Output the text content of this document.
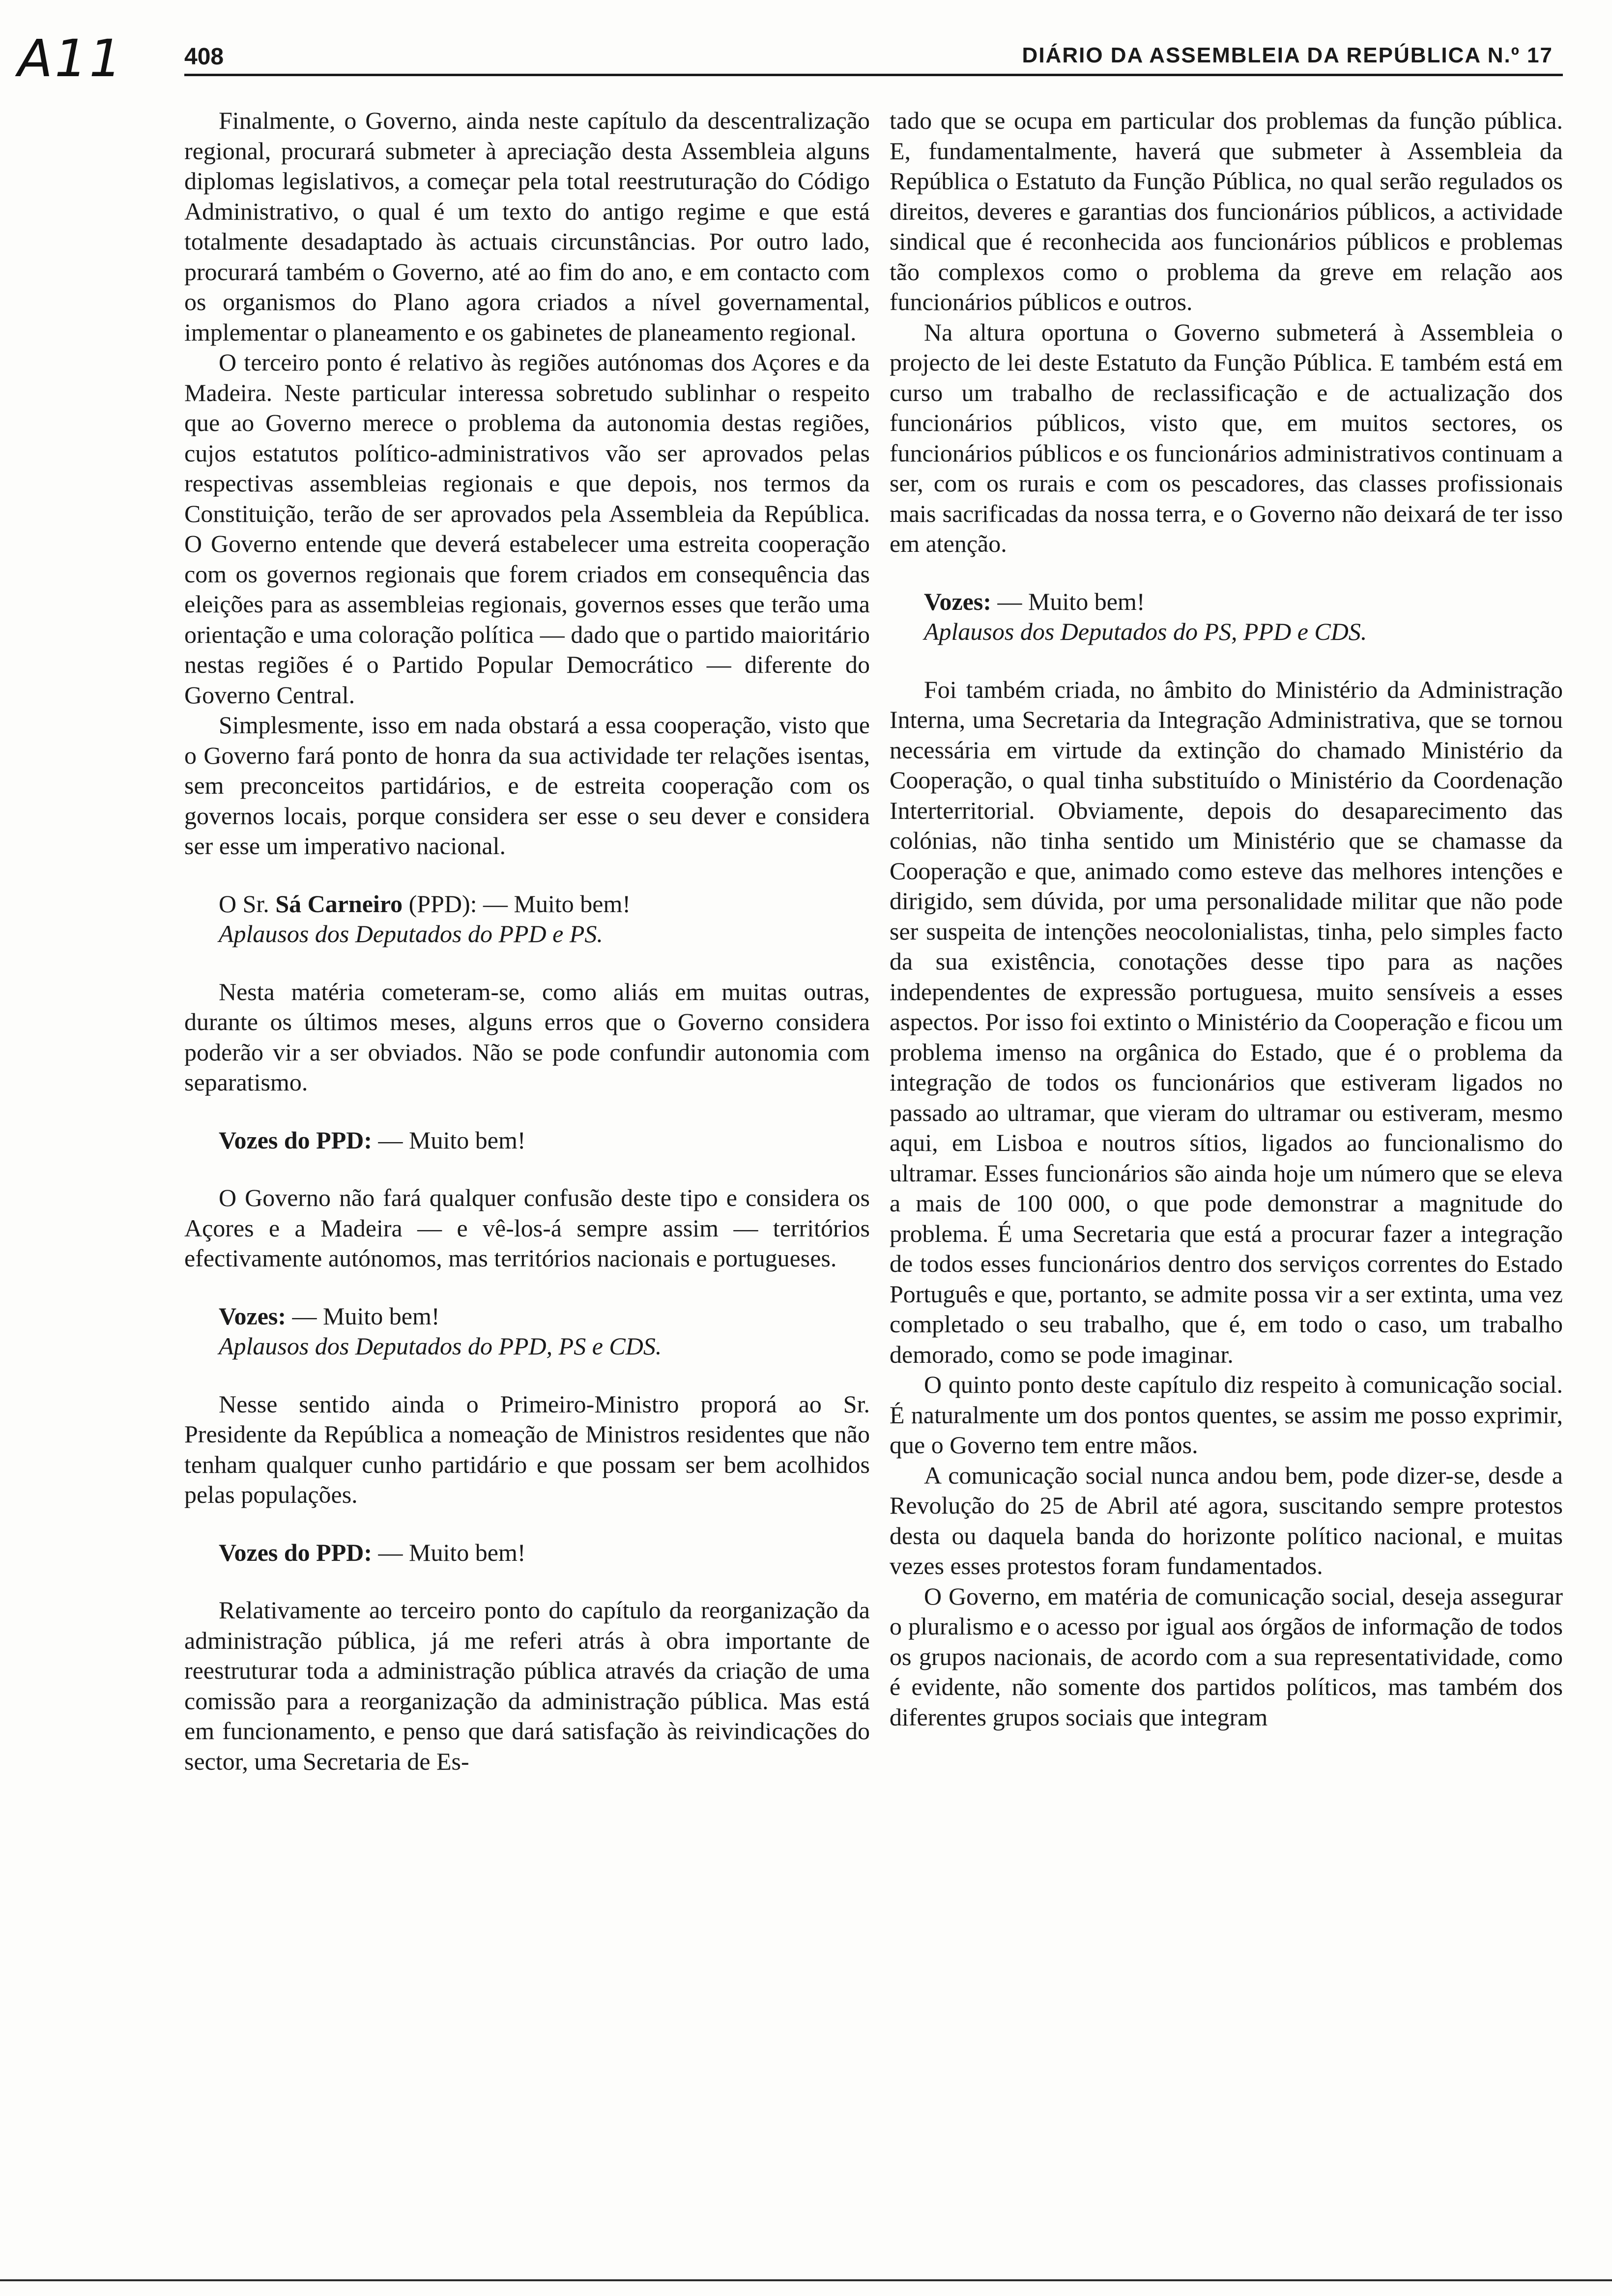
A11	408	DIÁRIO DA ASSEMBLEIA DA REPÚBLICA N.º 17

Finalmente, o Governo, ainda neste capítulo da descentralização regional, procurará submeter à apreciação desta Assembleia alguns diplomas legislativos, a começar pela total reestruturação do Código Administrativo, o qual é um texto do antigo regime e que está totalmente desadaptado às actuais circunstâncias. Por outro lado, procurará também o Governo, até ao fim do ano, e em contacto com os organismos do Plano agora criados a nível governamental, implementar o planeamento e os gabinetes de planeamento regional.

O terceiro ponto é relativo às regiões autónomas dos Açores e da Madeira. Neste particular interessa sobretudo sublinhar o respeito que ao Governo merece o problema da autonomia destas regiões, cujos estatutos político-administrativos vão ser aprovados pelas respectivas assembleias regionais e que depois, nos termos da Constituição, terão de ser aprovados pela Assembleia da República. O Governo entende que deverá estabelecer uma estreita cooperação com os governos regionais que forem criados em consequência das eleições para as assembleias regionais, governos esses que terão uma orientação e uma coloração política — dado que o partido maioritário nestas regiões é o Partido Popular Democrático — diferente do Governo Central.

Simplesmente, isso em nada obstará a essa cooperação, visto que o Governo fará ponto de honra da sua actividade ter relações isentas, sem preconceitos partidários, e de estreita cooperação com os governos locais, porque considera ser esse o seu dever e considera ser esse um imperativo nacional.

O Sr. Sá Carneiro (PPD): — Muito bem!

Aplausos dos Deputados do PPD e PS.

Nesta matéria cometeram-se, como aliás em muitas outras, durante os últimos meses, alguns erros que o Governo considera poderão vir a ser obviados. Não se pode confundir autonomia com separatismo.

Vozes do PPD: — Muito bem!

O Governo não fará qualquer confusão deste tipo e considera os Açores e a Madeira — e vê-los-á sempre assim — territórios efectivamente autónomos, mas territórios nacionais e portugueses.

Vozes: — Muito bem!

Aplausos dos Deputados do PPD, PS e CDS.

Nesse sentido ainda o Primeiro-Ministro proporá ao Sr. Presidente da República a nomeação de Ministros residentes que não tenham qualquer cunho partidário e que possam ser bem acolhidos pelas populações.

Vozes do PPD: — Muito bem!

Relativamente ao terceiro ponto do capítulo da reorganização da administração pública, já me referi atrás à obra importante de reestruturar toda a administração pública através da criação de uma comissão para a reorganização da administração pública. Mas está em funcionamento, e penso que dará satisfação às reivindicações do sector, uma Secretaria de Es-

tado que se ocupa em particular dos problemas da função pública. E, fundamentalmente, haverá que submeter à Assembleia da República o Estatuto da Função Pública, no qual serão regulados os direitos, deveres e garantias dos funcionários públicos, a actividade sindical que é reconhecida aos funcionários públicos e problemas tão complexos como o problema da greve em relação aos funcionários públicos e outros.

Na altura oportuna o Governo submeterá à Assembleia o projecto de lei deste Estatuto da Função Pública. E também está em curso um trabalho de reclassificação e de actualização dos funcionários públicos, visto que, em muitos sectores, os funcionários públicos e os funcionários administrativos continuam a ser, com os rurais e com os pescadores, das classes profissionais mais sacrificadas da nossa terra, e o Governo não deixará de ter isso em atenção.

Vozes: — Muito bem!

Aplausos dos Deputados do PS, PPD e CDS.

Foi também criada, no âmbito do Ministério da Administração Interna, uma Secretaria da Integração Administrativa, que se tornou necessária em virtude da extinção do chamado Ministério da Cooperação, o qual tinha substituído o Ministério da Coordenação Interterritorial. Obviamente, depois do desaparecimento das colónias, não tinha sentido um Ministério que se chamasse da Cooperação e que, animado como esteve das melhores intenções e dirigido, sem dúvida, por uma personalidade militar que não pode ser suspeita de intenções neocolonialistas, tinha, pelo simples facto da sua existência, conotações desse tipo para as nações independentes de expressão portuguesa, muito sensíveis a esses aspectos. Por isso foi extinto o Ministério da Cooperação e ficou um problema imenso na orgânica do Estado, que é o problema da integração de todos os funcionários que estiveram ligados no passado ao ultramar, que vieram do ultramar ou estiveram, mesmo aqui, em Lisboa e noutros sítios, ligados ao funcionalismo do ultramar. Esses funcionários são ainda hoje um número que se eleva a mais de 100 000, o que pode demonstrar a magnitude do problema. É uma Secretaria que está a procurar fazer a integração de todos esses funcionários dentro dos serviços correntes do Estado Português e que, portanto, se admite possa vir a ser extinta, uma vez completado o seu trabalho, que é, em todo o caso, um trabalho demorado, como se pode imaginar.

O quinto ponto deste capítulo diz respeito à comunicação social. É naturalmente um dos pontos quentes, se assim me posso exprimir, que o Governo tem entre mãos.

A comunicação social nunca andou bem, pode dizer-se, desde a Revolução do 25 de Abril até agora, suscitando sempre protestos desta ou daquela banda do horizonte político nacional, e muitas vezes esses protestos foram fundamentados.

O Governo, em matéria de comunicação social, deseja assegurar o pluralismo e o acesso por igual aos órgãos de informação de todos os grupos nacionais, de acordo com a sua representatividade, como é evidente, não somente dos partidos políticos, mas também dos diferentes grupos sociais que integram
